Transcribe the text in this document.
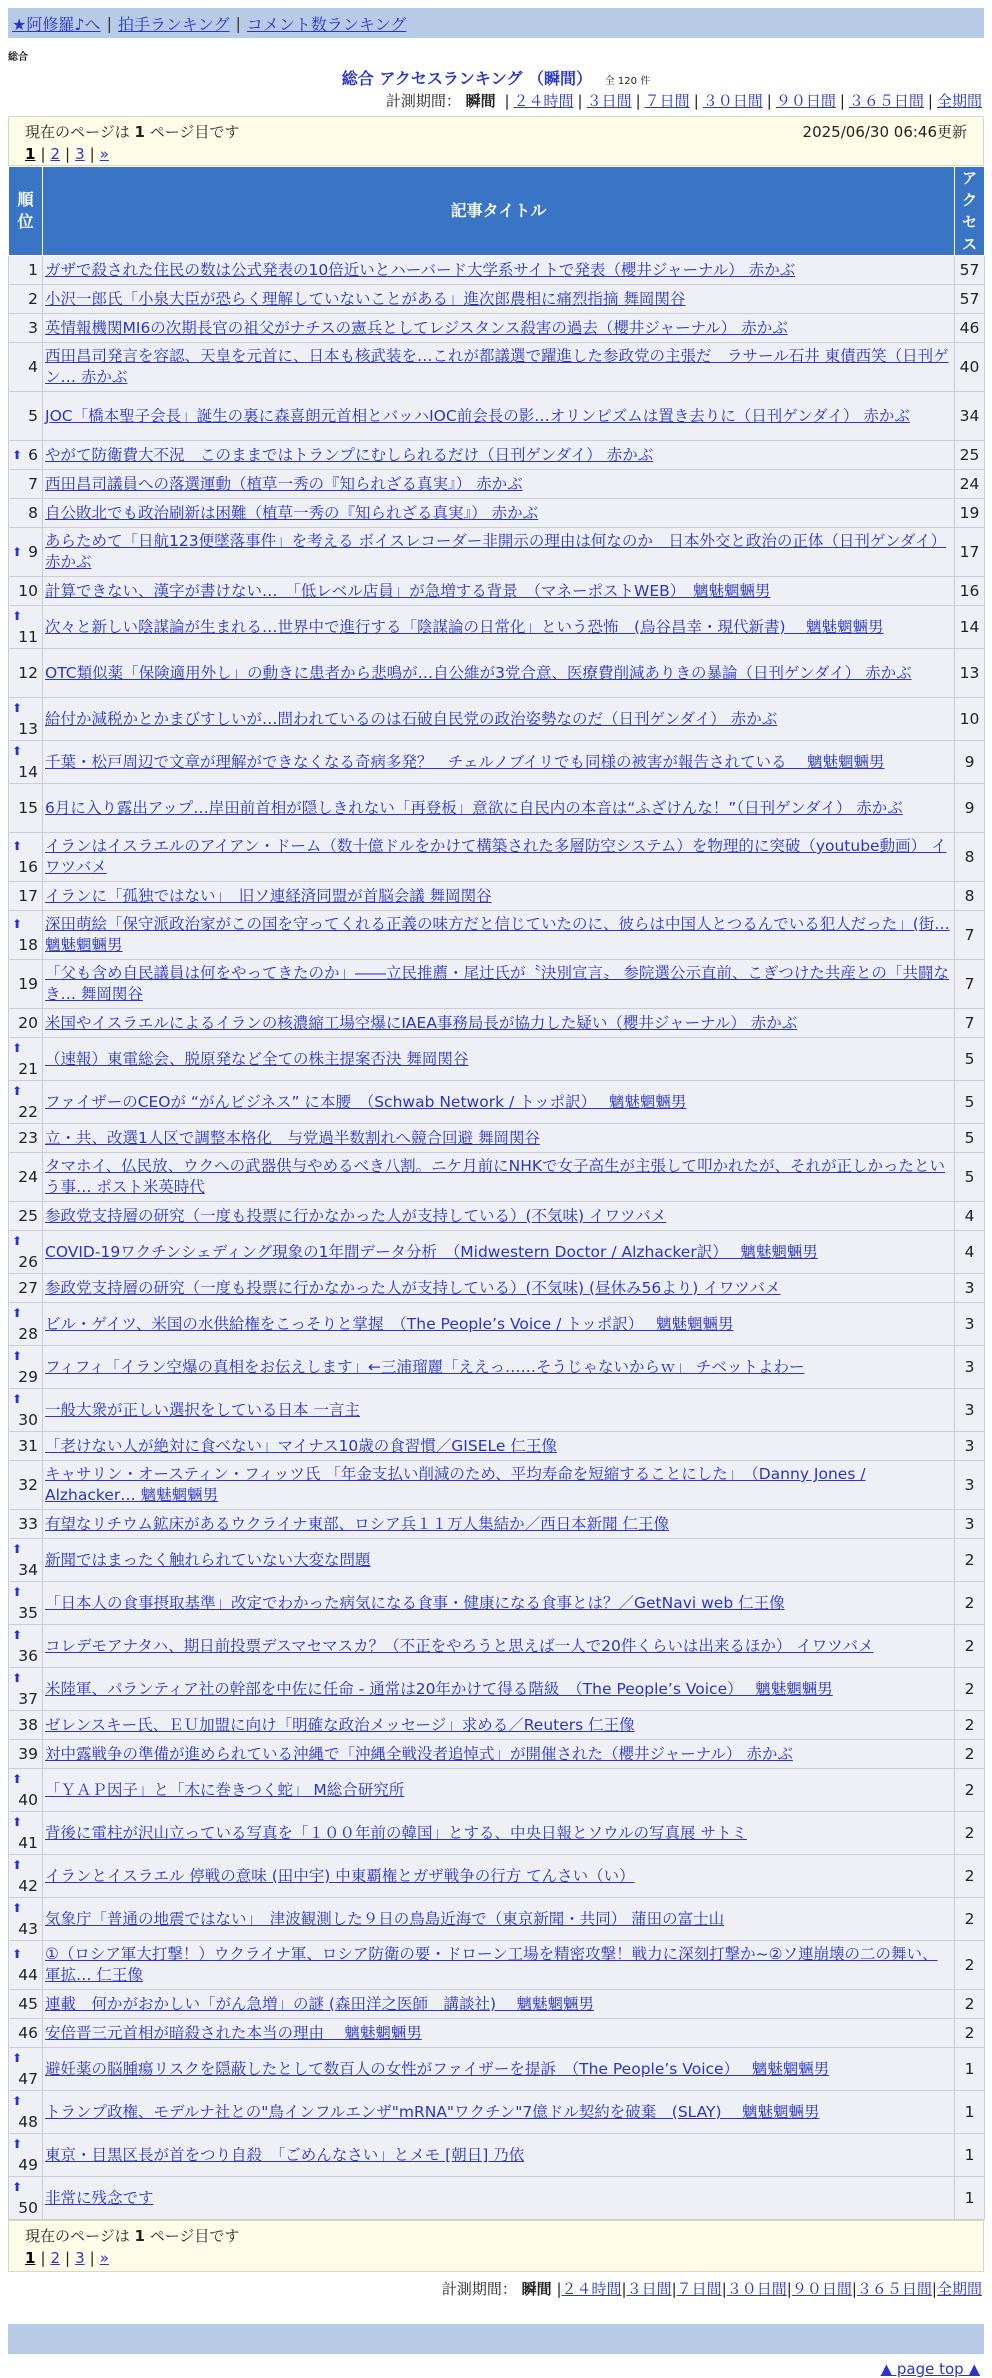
★阿修羅♪へ | 拍手ランキング | コメント数ランキング
総合
総合 アクセスランキング （瞬間） 全 120 件
計測期間： 瞬間 | ２４時間 | ３日間 | ７日間 | ３０日間 | ９０日間 | ３６５日間 | 全期間
現在のページは 1 ページ目です	2025/06/30 06:46更新
1 | 2 | 3 | »
順位	記事タイトル	アクセス

1	ガザで殺された住民の数は公式発表の10倍近いとハーバード大学系サイトで発表（櫻井ジャーナル） 赤かぶ	57
2	小沢一郎氏「小泉大臣が恐らく理解していないことがある」進次郎農相に痛烈指摘 舞岡関谷	57
3	英情報機関MI6の次期長官の祖父がナチスの憲兵としてレジスタンス殺害の過去（櫻井ジャーナル） 赤かぶ	46
4	西田昌司発言を容認、天皇を元首に、日本も核武装を…これが都議選で躍進した参政党の主張だ　ラサール石井 東債西笑（日刊ゲン… 赤かぶ	40
5	JOC「橋本聖子会長」誕生の裏に森喜朗元首相とバッハIOC前会長の影…オリンピズムは置き去りに（日刊ゲンダイ） 赤かぶ	34

⬆ 6	やがて防衛費大不況　このままではトランプにむしられるだけ（日刊ゲンダイ） 赤かぶ	25
7	西田昌司議員への落選運動（植草一秀の『知られざる真実』） 赤かぶ	24
8	自公敗北でも政治刷新は困難（植草一秀の『知られざる真実』） 赤かぶ	19

⬆ 9	あらためて「日航123便墜落事件」を考える ボイスレコーダー非開示の理由は何なのか　日本外交と政治の正体（日刊ゲンダイ） 赤かぶ	17
10	計算できない、漢字が書けない…　「低レベル店員」が急増する背景　（マネーポストWEB）　魑魅魍魎男	16

⬆
11	次々と新しい陰謀論が生まれる…世界中で進行する「陰謀論の日常化」という恐怖　(烏谷昌幸・現代新書)　 魑魅魍魎男	14
12	OTC類似薬「保険適用外し」の動きに患者から悲鳴が…自公維が3党合意、医療費削減ありきの暴論（日刊ゲンダイ） 赤かぶ	13

⬆
13	給付か減税かとかまびすしいが…問われているのは石破自民党の政治姿勢なのだ（日刊ゲンダイ） 赤かぶ	10

⬆
14	千葉・松戸周辺で文章が理解ができなくなる奇病多発？　チェルノブイリでも同様の被害が報告されている　 魑魅魍魎男	9
15	6月に入り露出アップ…岸田前首相が隠しきれない「再登板」意欲に自民内の本音は“ふざけんな！”（日刊ゲンダイ） 赤かぶ	9

⬆
16	イランはイスラエルのアイアン・ドーム（数十億ドルをかけて構築された多層防空システム）を物理的に突破（youtube動画） イワツバメ	8
17	イランに「孤独ではない」　旧ソ連経済同盟が首脳会議 舞岡関谷	8

⬆
18	深田萌絵「保守派政治家がこの国を守ってくれる正義の味方だと信じていたのに、彼らは中国人とつるんでいる犯人だった」(街… 魑魅魍魎男	7
19	「父も含め自民議員は何をやってきたのか」――立民推薦・尾辻氏が〝決別宣言〟 参院選公示直前、こぎつけた共産との「共闘なき… 舞岡関谷	7
20	米国やイスラエルによるイランの核濃縮工場空爆にIAEA事務局長が協力した疑い（櫻井ジャーナル） 赤かぶ	7

⬆
21	（速報）東電総会、脱原発など全ての株主提案否決 舞岡関谷	5

⬆
22	ファイザーのCEOが “がんビジネス” に本腰　（Schwab Network / トッポ訳）　 魑魅魍魎男	5
23	立・共、改選1人区で調整本格化　与党過半数割れへ競合回避 舞岡関谷	5
24	タマホイ、仏民放、ウクへの武器供与やめるべき八割。ニケ月前にNHKで女子高生が主張して叩かれたが、それが正しかったという事… ポスト米英時代	5
25	参政党支持層の研究（一度も投票に行かなかった人が支持している）(不気味) イワツバメ	4

⬆
26	COVID-19ワクチンシェディング現象の1年間データ分析　（Midwestern Doctor / Alzhacker訳）　 魑魅魍魎男	4
27	参政党支持層の研究（一度も投票に行かなかった人が支持している）(不気味) (昼休み56より) イワツバメ	3

⬆
28	ビル・ゲイツ、米国の水供給権をこっそりと掌握　（The People’s Voice / トッポ訳）　 魑魅魍魎男	3

⬆
29	フィフィ「イラン空爆の真相をお伝えします」←三浦瑠麗「ええっ……そうじゃないからｗ」 チベットよわー	3

⬆
30	一般大衆が正しい選択をしている日本 一言主	3
31	「老けない人が絶対に食べない」マイナス10歳の食習慣／GISELe 仁王像	3
32	キャサリン・オースティン・フィッツ氏 「年金支払い削減のため、平均寿命を短縮することにした」　（Danny Jones / Alzhacker… 魑魅魍魎男	3
33	有望なリチウム鉱床があるウクライナ東部、ロシア兵１１万人集結か／西日本新聞 仁王像	3

⬆
34	新聞ではまったく触れられていない大変な問題	2

⬆
35	「日本人の食事摂取基準」改定でわかった病気になる食事・健康になる食事とは？／GetNavi web 仁王像	2

⬆
36	コレデモアナタハ、期日前投票デスマセマスカ？（不正をやろうと思えば一人で20件くらいは出来るほか） イワツバメ	2

⬆
37	米陸軍、パランティア社の幹部を中佐に任命 - 通常は20年かけて得る階級　（The People’s Voice）　 魑魅魍魎男	2
38	ゼレンスキー氏、ＥＵ加盟に向け「明確な政治メッセージ」求める／Reuters 仁王像	2
39	対中露戦争の準備が進められている沖縄で「沖縄全戦没者追悼式」が開催された（櫻井ジャーナル） 赤かぶ	2

⬆
40	「ＹＡＰ因子」と「木に巻きつく蛇」 M総合研究所	2

⬆
41	背後に電柱が沢山立っている写真を「１００年前の韓国」とする、中央日報とソウルの写真展 サトミ	2

⬆
42	イランとイスラエル 停戦の意味 (田中宇) 中東覇権とガザ戦争の行方 てんさい（い）	2

⬆
43	気象庁「普通の地震ではない」　津波観測した９日の鳥島近海で（東京新聞・共同） 蒲田の富士山	2

⬆
44	①（ロシア軍大打撃！）ウクライナ軍、ロシア防衛の要・ドローン工場を精密攻撃！戦力に深刻打撃か~②ソ連崩壊の二の舞い、軍拡… 仁王像	2
45	連載　何かがおかしい「がん急増」の謎 (森田洋之医師　講談社)　 魑魅魍魎男	2
46	安倍晋三元首相が暗殺された本当の理由　 魑魅魍魎男	2

⬆
47	避妊薬の脳腫瘍リスクを隠蔽したとして数百人の女性がファイザーを提訴　（The People’s Voice）　 魑魅魍魎男	1

⬆
48	トランプ政権、モデルナ社との"鳥インフルエンザ"mRNA"ワクチン"7億ドル契約を破棄　(SLAY)　 魑魅魍魎男	1

⬆
49	東京・目黒区長が首をつり自殺　「ごめんなさい」とメモ [朝日] 乃依	1

⬆
50	非常に残念です	1
現在のページは 1 ページ目です
1 | 2 | 3 | »
計測期間： 瞬間 |２４時間|３日間|７日間|３０日間|９０日間|３６５日間|全期間
▲ page top ▲
